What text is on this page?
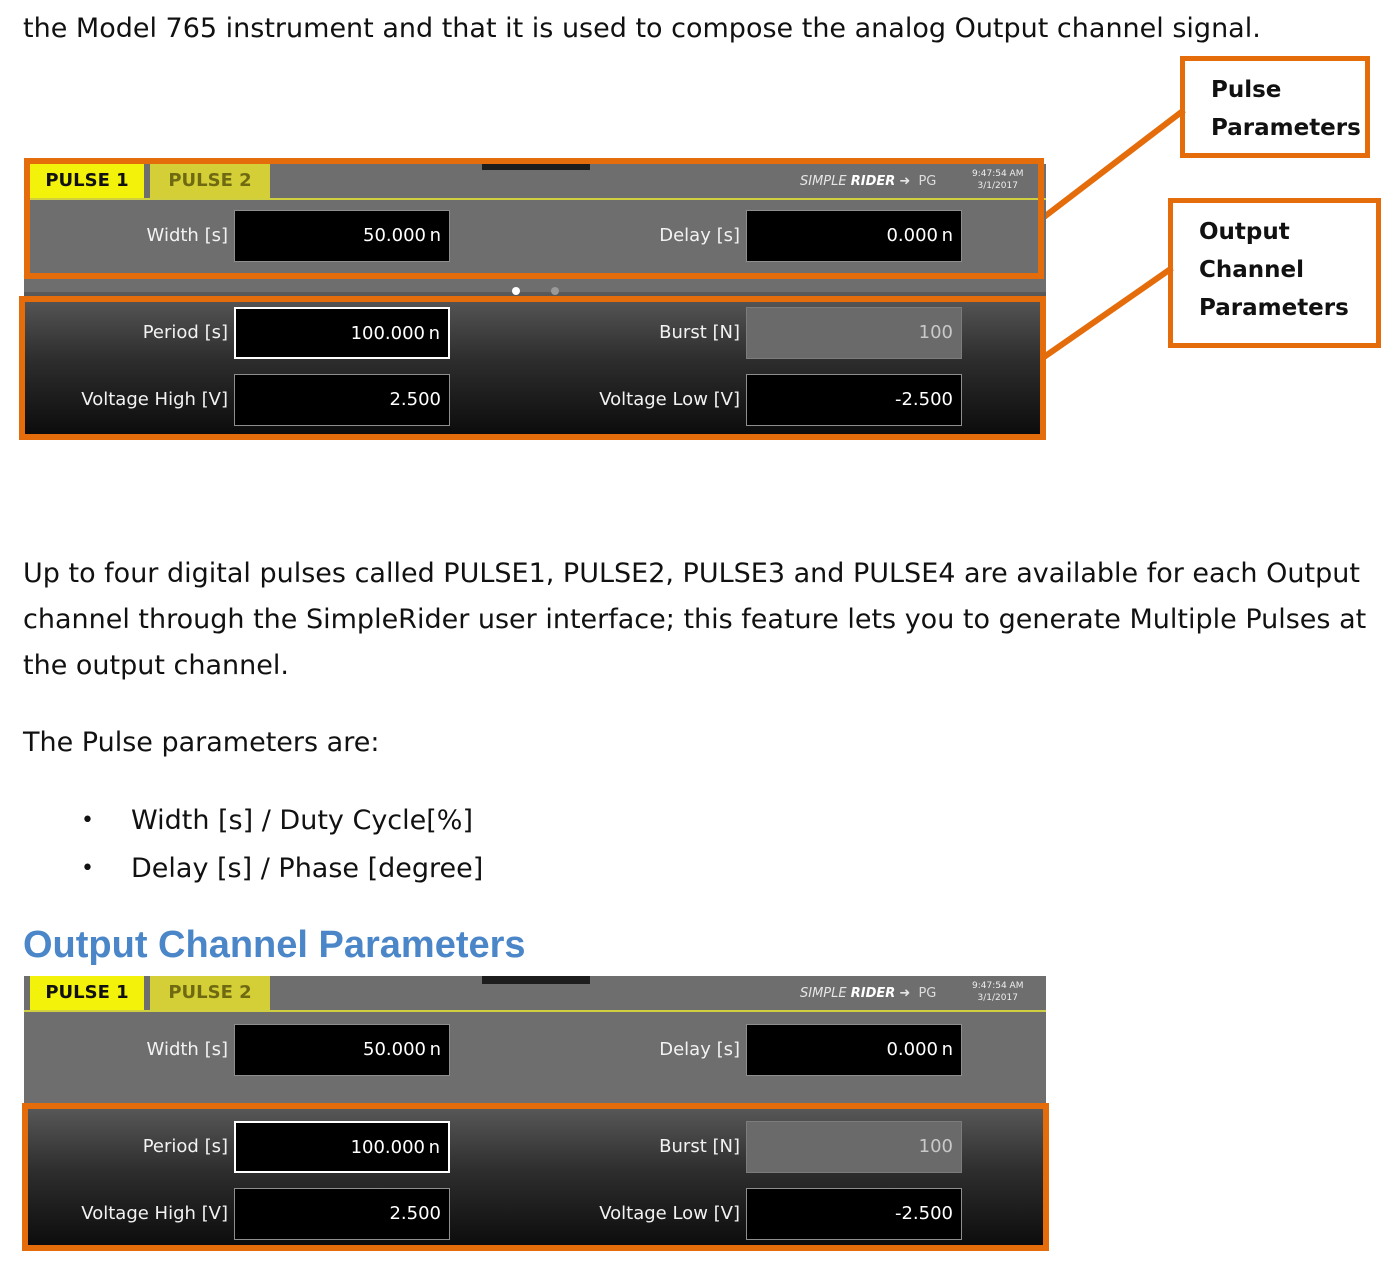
the Model 765 instrument and that it is used to compose the analog Output channel signal.
Pulse
Parameters
Output
Channel
Parameters
PULSE 1	PULSE 2	SIMPLE RIDER ➜ PG	9:47:54 AM
3/1/2017
Width [s]	50.000 n	Delay [s]	0.000 n
Period [s]	100.000 n	Burst [N]	100
Voltage High [V]	2.500	Voltage Low [V]	-2.500
Up to four digital pulses called PULSE1, PULSE2, PULSE3 and PULSE4 are available for each Output channel through the SimpleRider user interface; this feature lets you to generate Multiple Pulses at the output channel.
The Pulse parameters are:
• Width [s] / Duty Cycle[%]
• Delay [s] / Phase [degree]
Output Channel Parameters
PULSE 1	PULSE 2	SIMPLE RIDER ➜ PG	9:47:54 AM
3/1/2017
Width [s]	50.000 n	Delay [s]	0.000 n
Period [s]	100.000 n	Burst [N]	100
Voltage High [V]	2.500	Voltage Low [V]	-2.500
